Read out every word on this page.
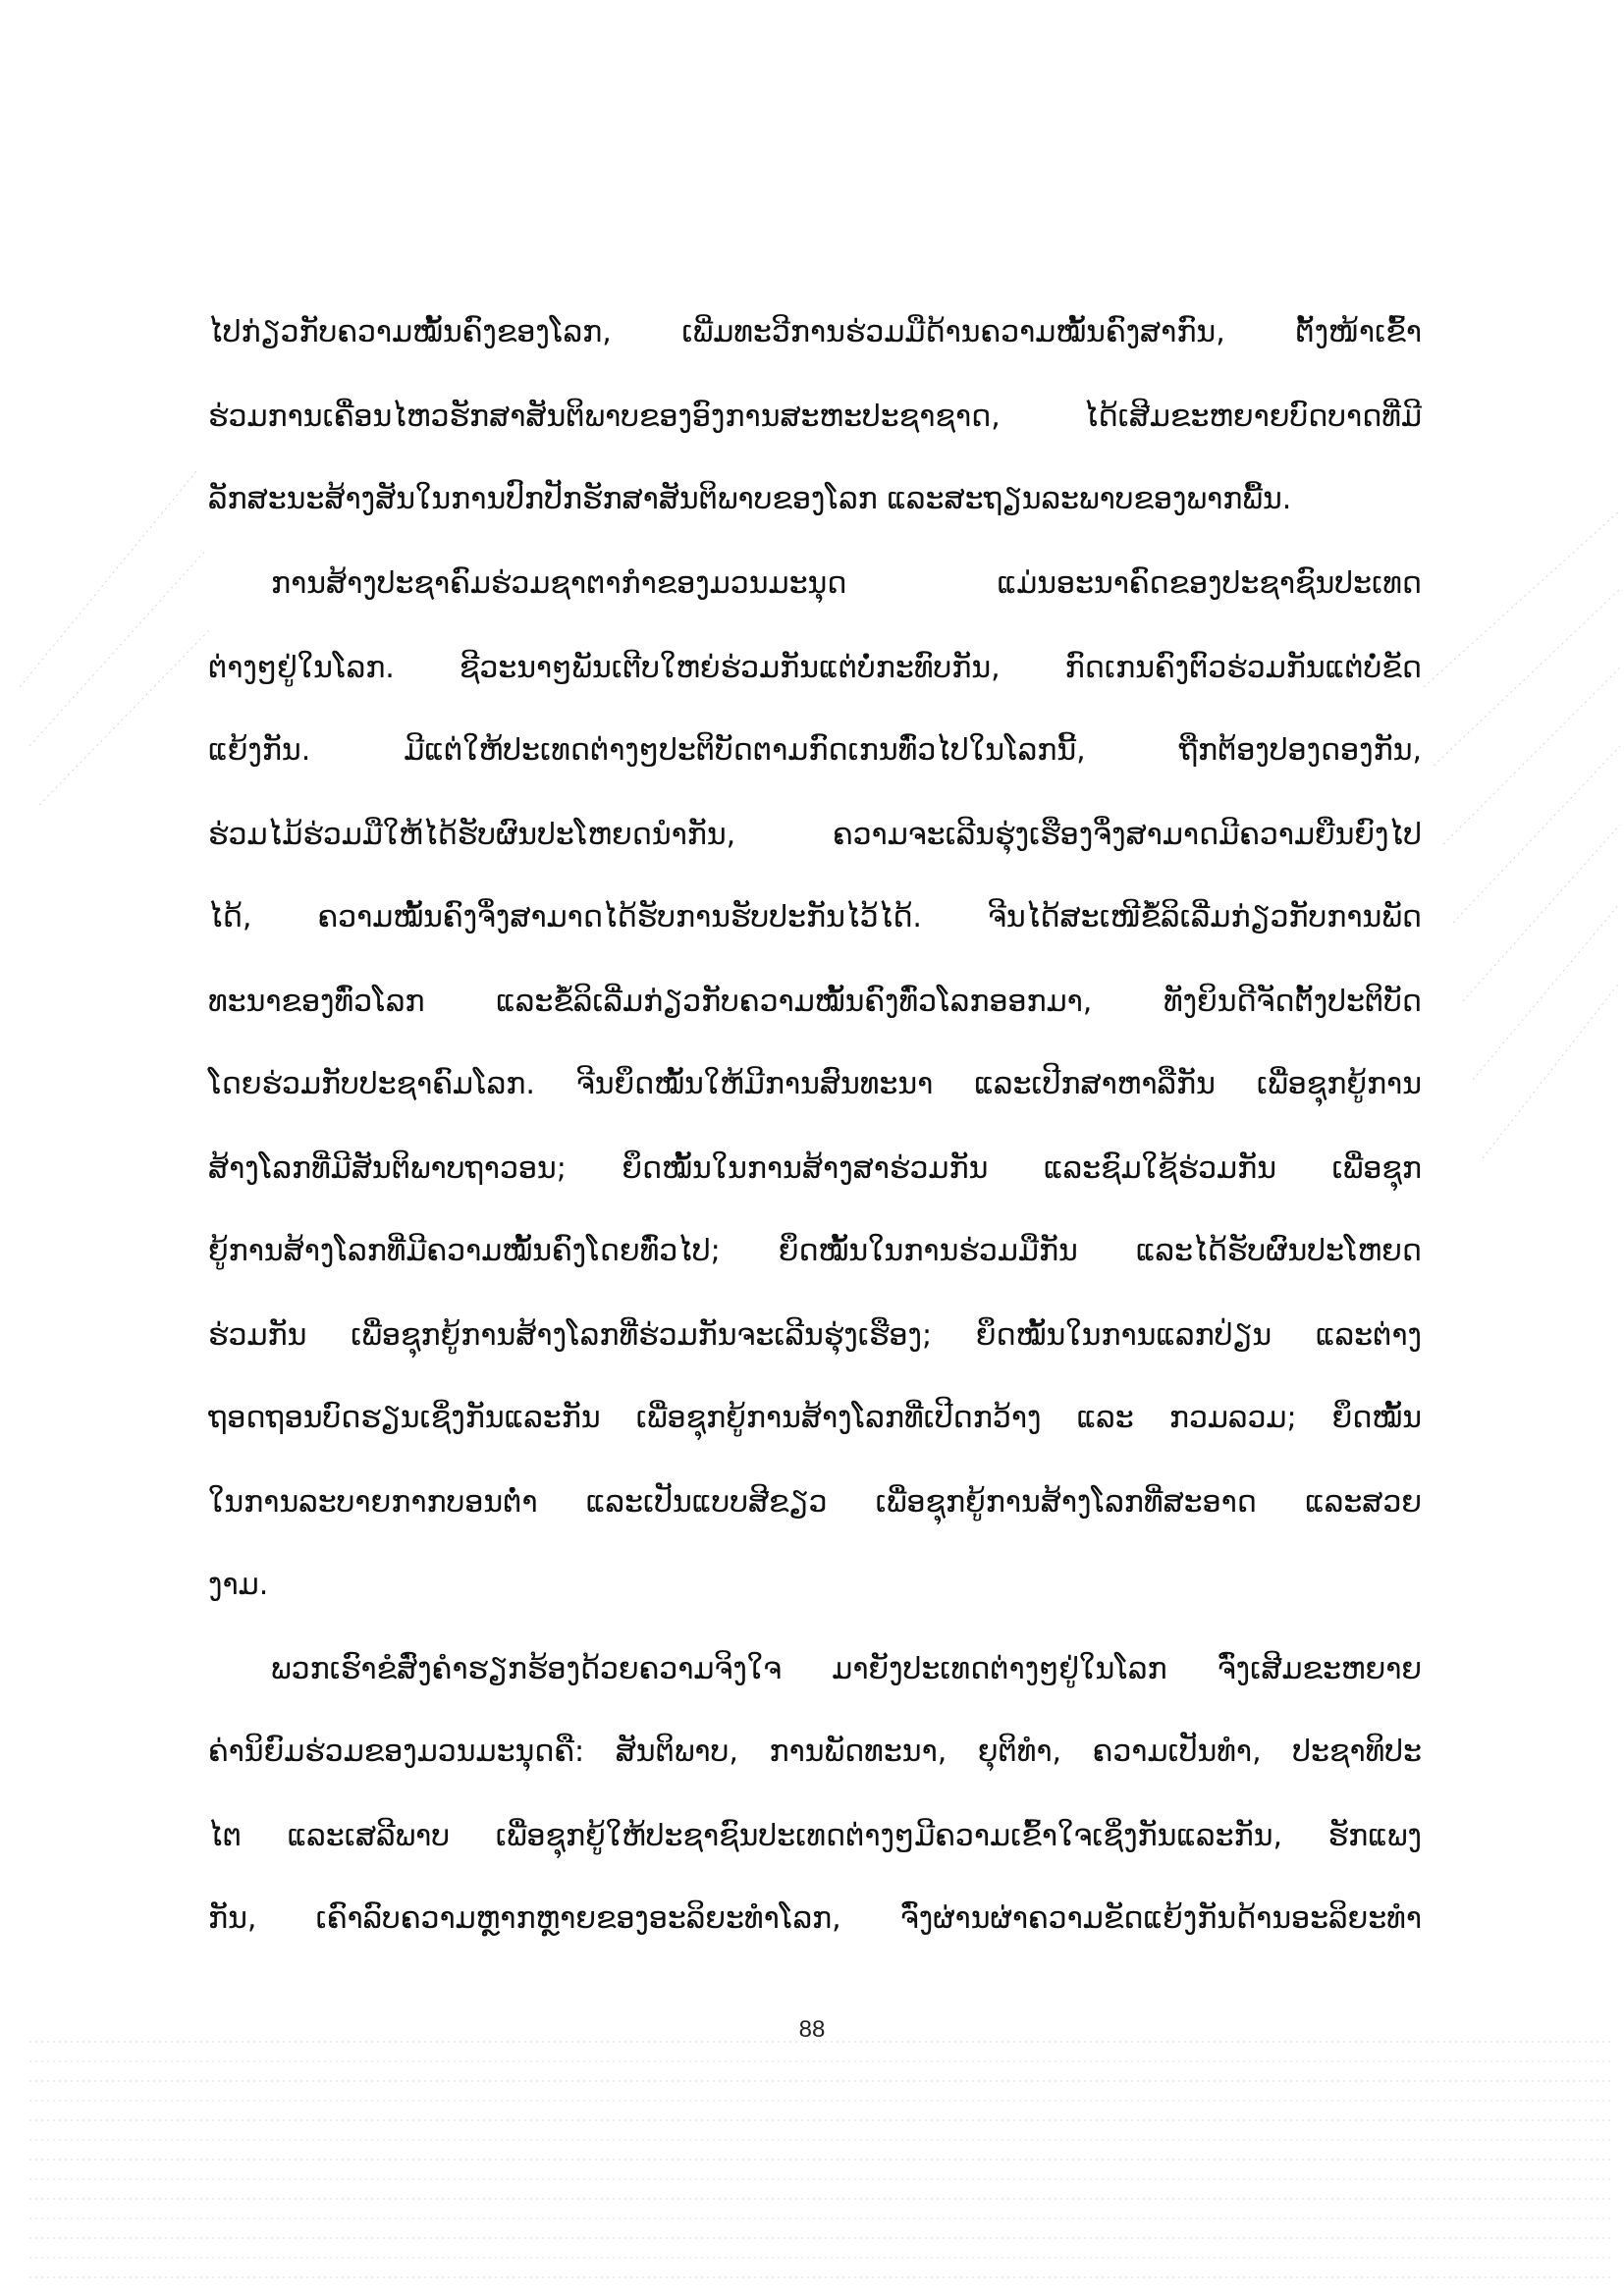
ໄປກ່ຽວກັບຄວາມໝັ້ນຄົງຂອງໂລກ, ເພີ່ມທະວີການຮ່ວມມືດ້ານຄວາມໝັ້ນຄົງສາກົນ, ຕັ້ງໜ້າເຂົ້າ
ຮ່ວມການເຄື່ອນໄຫວຮັກສາສັນຕິພາບຂອງອົງການສະຫະປະຊາຊາດ, ໄດ້ເສີມຂະຫຍາຍບົດບາດທີ່ມີ
ລັກສະນະສ້າງສັນໃນການປົກປັກຮັກສາສັນຕິພາບຂອງໂລກ ແລະສະຖຽນລະພາບຂອງພາກພື້ນ.
ການສ້າງປະຊາຄົມຮ່ວມຊາຕາກຳຂອງມວນມະນຸດ ແມ່ນອະນາຄົດຂອງປະຊາຊົນປະເທດ
ຕ່າງໆຢູ່ໃນໂລກ. ຊີວະນາໆພັນເຕີບໃຫຍ່ຮ່ວມກັນແຕ່ບໍ່ກະທົບກັນ, ກົດເກນຄົງຕົວຮ່ວມກັນແຕ່ບໍ່ຂັດ
ແຍ້ງກັນ. ມີແຕ່ໃຫ້ປະເທດຕ່າງໆປະຕິບັດຕາມກົດເກນທົ່ວໄປໃນໂລກນີ້, ຖືກຕ້ອງປອງດອງກັນ,
ຮ່ວມໄມ້ຮ່ວມມືໃຫ້ໄດ້ຮັບຜົນປະໂຫຍດນຳກັນ, ຄວາມຈະເລີນຮຸ່ງເຮືອງຈຶ່ງສາມາດມີຄວາມຍືນຍົງໄປ
ໄດ້, ຄວາມໝັ້ນຄົງຈຶ່ງສາມາດໄດ້ຮັບການຮັບປະກັນໄວ້ໄດ້. ຈີນໄດ້ສະເໜີຂໍ້ລິເລີ່ມກ່ຽວກັບການພັດ
ທະນາຂອງທົ່ວໂລກ ແລະຂໍ້ລິເລີ່ມກ່ຽວກັບຄວາມໝັ້ນຄົງທົ່ວໂລກອອກມາ, ທັງຍິນດີຈັດຕັ້ງປະຕິບັດ
ໂດຍຮ່ວມກັບປະຊາຄົມໂລກ. ຈີນຍຶດໝັ້ນໃຫ້ມີການສົນທະນາ ແລະເປີກສາຫາລືກັນ ເພື່ອຊຸກຍູ້ການ
ສ້າງໂລກທີ່ມີສັນຕິພາບຖາວອນ; ຍຶດໝັ້ນໃນການສ້າງສາຮ່ວມກັນ ແລະຊົມໃຊ້ຮ່ວມກັນ ເພື່ອຊຸກ
ຍູ້ການສ້າງໂລກທີ່ມີຄວາມໝັ້ນຄົງໂດຍທົ່ວໄປ; ຍຶດໝັ້ນໃນການຮ່ວມມືກັນ ແລະໄດ້ຮັບຜົນປະໂຫຍດ
ຮ່ວມກັນ ເພື່ອຊຸກຍູ້ການສ້າງໂລກທີ່ຮ່ວມກັນຈະເລີນຮຸ່ງເຮືອງ; ຍຶດໝັ້ນໃນການແລກປ່ຽນ ແລະຕ່າງ
ຖອດຖອນບົດຮຽນເຊິ່ງກັນແລະກັນ ເພື່ອຊຸກຍູ້ການສ້າງໂລກທີ່ເປີດກວ້າງ ແລະ ກວມລວມ; ຍຶດໝັ້ນ
ໃນການລະບາຍກາກບອນຕ່ຳ ແລະເປັນແບບສີຂຽວ ເພື່ອຊຸກຍູ້ການສ້າງໂລກທີ່ສະອາດ ແລະສວຍ
ງາມ.
ພວກເຮົາຂໍສົ່ງຄຳຮຽກຮ້ອງດ້ວຍຄວາມຈິງໃຈ ມາຍັງປະເທດຕ່າງໆຢູ່ໃນໂລກ ຈົ່ງເສີມຂະຫຍາຍ
ຄ່ານິຍົມຮ່ວມຂອງມວນມະນຸດຄື: ສັນຕິພາບ, ການພັດທະນາ, ຍຸຕິທຳ, ຄວາມເປັນທຳ, ປະຊາທິປະ
ໄຕ ແລະເສລີພາບ ເພື່ອຊຸກຍູ້ໃຫ້ປະຊາຊົນປະເທດຕ່າງໆມີຄວາມເຂົ້າໃຈເຊິ່ງກັນແລະກັນ, ຮັກແພງ
ກັນ, ເຄົາລົບຄວາມຫຼາກຫຼາຍຂອງອະລິຍະທຳໂລກ, ຈົ່ງຜ່ານຜ່າຄວາມຂັດແຍ້ງກັນດ້ານອະລິຍະທຳ
88
